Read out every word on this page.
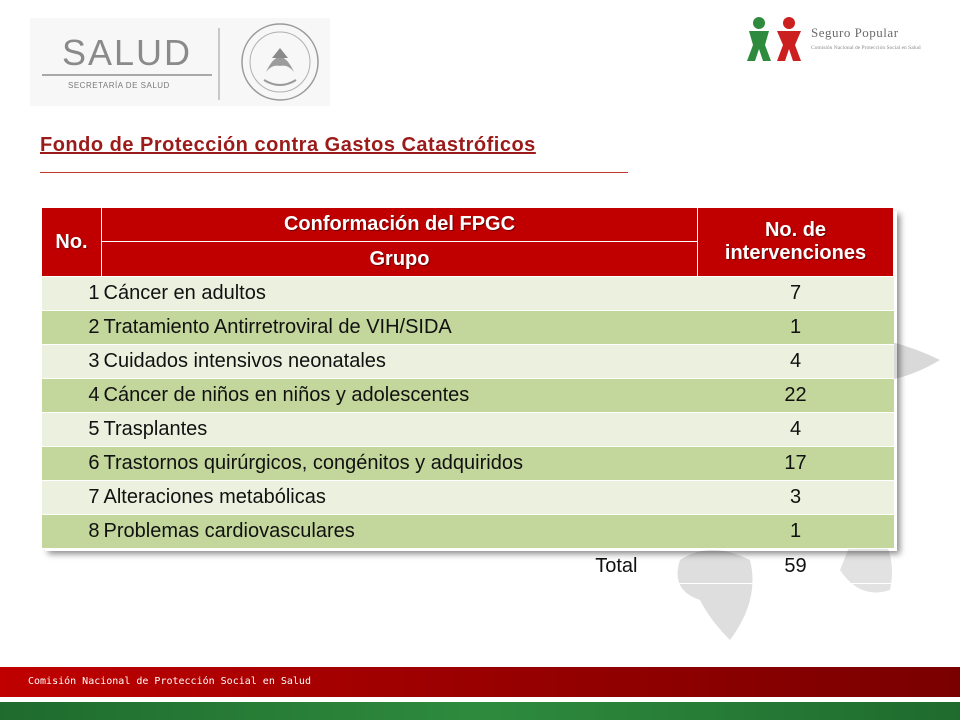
SALUD
SECRETARÍA DE SALUD
Seguro Popular
Comisión Nacional de Protección Social en Salud
Fondo de Protección contra Gastos Catastróficos
No.	Conformación del FPGC	No. de intervenciones
	Grupo	
1	Cáncer en adultos	7
2	Tratamiento Antirretroviral de VIH/SIDA	1
3	Cuidados intensivos neonatales	4
4	Cáncer de niños en niños y adolescentes	22
5	Trasplantes	4
6	Trastornos quirúrgicos, congénitos y adquiridos	17
7	Alteraciones metabólicas	3
8	Problemas cardiovasculares	1
	Total	59
Comisión Nacional de Protección Social en Salud
